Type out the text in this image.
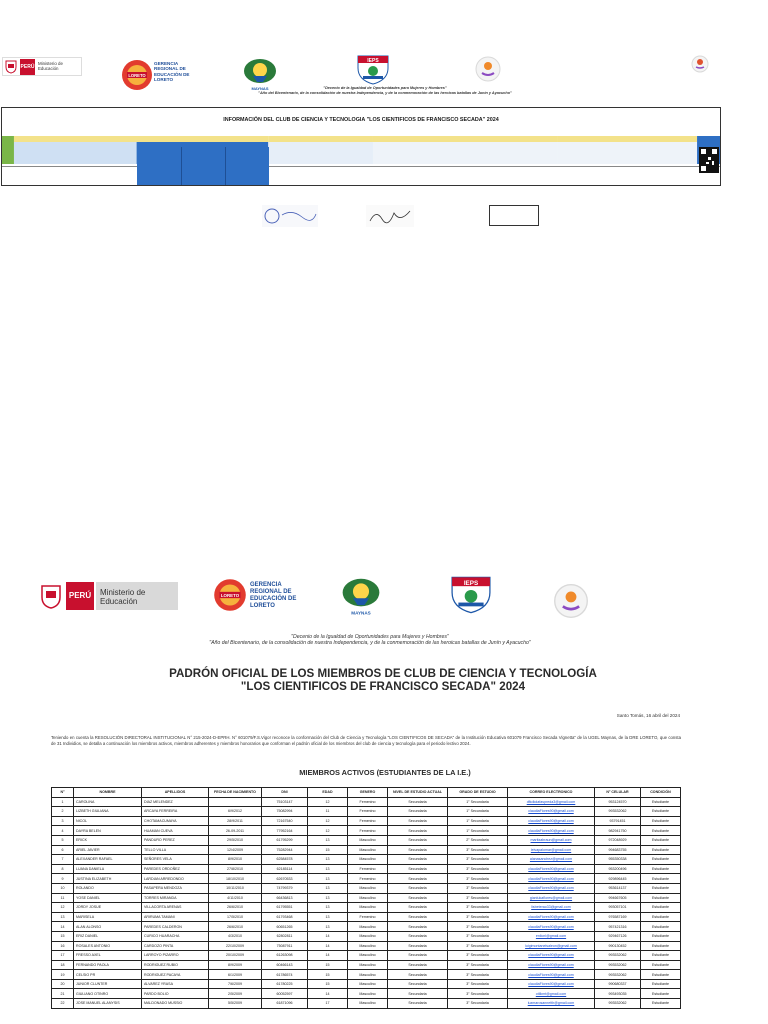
PERÚ
Ministerio de Educación
LORETO
GERENCIA REGIONAL DE EDUCACIÓN DE LORETO
MAYNAS
IEPS
"Decenio de la Igualdad de Oportunidades para Mujeres y Hombres"
"Año del Bicentenario, de la consolidación de nuestra Independencia, y de la conmemoración de las heroicas batallas de Junín y Ayacucho"
INFORMACIÓN DEL CLUB DE CIENCIA Y TECNOLOGIA "LOS CIENTIFICOS DE FRANCISCO SECADA" 2024
PERÚ	Ministerio de Educación
LORETO
GERENCIA REGIONAL DE EDUCACIÓN DE LORETO
MAYNAS
IEPS
"Decenio de la Igualdad de Oportunidades para Mujeres y Hombres"
"Año del Bicentenario, de la consolidación de nuestra Independencia, y de la conmemoración de las heroicas batallas de Junín y Ayacucho"
PADRÓN OFICIAL DE LOS MIEMBROS DE CLUB DE CIENCIA Y TECNOLOGÍA
"LOS CIENTIFICOS DE FRANCISCO SECADA" 2024
Santo Tomás, 16 abril del 2024
Teniendo en cuenta la RESOLUCIÓN DIRECTORAL INSTITUCIONAL N° 215-2024-D-EPRH. N° 601079/F.S.Vigor reconoce la conformación del Club de Ciencia y Tecnología "LOS CIENTIFICOS DE SECADA" de la Institución Educativa 601079 Francisco Secada Vignetta" de la UGEL Maynas, de la DRE LORETO, que consta de 31 Individios, se detalla a continuación los miembros activos, miembros adherentes y miembros honorarios que conforman el padrón oficial de los miembros del club de ciencia y tecnología para el periodo lectivo 2024.
MIEMBROS ACTIVOS (ESTUDIANTES DE LA I.E.)
N°	NOMBRE	APELLIDOS	FECHA DE NACIMIENTO	DNI	EDAD	GENERO	NIVEL DE ESTUDIO ACTUAL	GRADO DE ESTUDIO	CORREO ELECTRONICO	N° CELULAR	CONDICIÓN
1	CAROLINA	DIAZ MELENDEZ		75103147	12	Femenino	Secundaria	1° Secundaria	dfkdkdafaspreda3@gmail.com	953124570	Estudiante
2	LIZBETH GIULIANA	ARCAYA FERREIRA	6/9/2012	75082994	11	Femenino	Secundaria	1° Secundaria	claudiaFlores90@gmail.com	993532062	Estudiante
3	NICOL	CHOTAMACUMAYA	28/9/2011	72167540	12	Femenino	Secundaria	1° Secundaria	claudiaFlores90@gmail.com	93791451	Estudiante
4	DAYRA BELEN	HUAMAN CUEVA	26-09-2011	77952164	12	Femenino	Secundaria	1° Secundaria	claudiaFlores90@gmail.com	982941750	Estudiante
5	ERICK	PANDURO PEREZ	29/5/2010	61795299	13	Masculino	Secundaria	2° Secundaria	maritzabraun@gmail.com	972048929	Estudiante
6	ARIEL JAVIER	TELLO VILLA	12/4/2009	75282944	15	Masculino	Secundaria	3° Secundaria	leivapalomar@gmail.com	994683755	Estudiante
7	ALEXANDER RAFAEL	SEÑORES VELA	8/9/2010	62584578	13	Masculino	Secundaria	3° Secundaria	alanasanchez@gmail.com	955350338	Estudiante
8	LUANA DANIELA	PAREDES ORDOÑEZ	27/8/2010	62185114	13	Femenino	Secundaria	3° Secundaria	claudiaFlores90@gmail.com	953200496	Estudiante
9	JUSTINA ELIZABETH	LARDIAN ARREDONDO	18/10/2010	62670533	13	Femenino	Secundaria	3° Secundaria	claudiaFlores90@gmail.com	929896445	Estudiante
10	ROLANDO	PASAPERA MENDOZA	10/11/2010	74799379	13	Masculino	Secundaria	3° Secundaria	claudiaFlores90@gmail.com	953614137	Estudiante
11	YOSE DANIEL	TORRES MIRANDA	4/11/2010	66436813	13	Masculino	Secundaria	3° Secundaria	gianlukaflores@gmail.com	994667605	Estudiante
12	JORDY JOSUE	VILLACORTA ARENAS	26/6/2010	61795551	13	Masculino	Secundaria	3° Secundaria	lisbeterao33@gmail.com	993057101	Estudiante
13	MARISELA	ARIRUMA TAMANI	17/5/2010	61793468	13	Femenino	Secundaria	3° Secundaria	claudiaFlores90@gmail.com	976587169	Estudiante
14	ALAN ALONSO	PAREDES CALDERON	26/6/2010	60651265	13	Masculino	Secundaria	3° Secundaria	claudiaFlores90@gmail.com	957421316	Estudiante
15	ERIZ DANIEL	CURICO HUARACHA	4/3/2010	62802811	14	Masculino	Secundaria	3° Secundaria	enlicnl@gmail.com	929467126	Estudiante
16	ROSALES ANTONIO	CARDOZO PINTA	22/10/2009	75087911	14	Masculino	Secundaria	3° Secundaria	luigimontanelsaleon@gmail.com	990130452	Estudiante
17	FRESSO AXEL	LARROYO PIZARRO	20/10/2009	61263098	14	Masculino	Secundaria	3° Secundaria	claudiaFlores90@gmail.com	993532062	Estudiante
18	FERNANDO PAOLA	RODRIGUEZ RUBIO	8/9/2009	60466143	15	Masculino	Secundaria	3° Secundaria	claudiaFlores90@gmail.com	993532062	Estudiante
19	CELSIO PR	RODRIGUEZ PACAYA	6/1/2009	61786574	15	Masculino	Secundaria	3° Secundaria	claudiaFlores90@gmail.com	993532062	Estudiante
20	JUNIOR CLUNTER	ALVAREZ YRASA	7/6/2009	61780225	15	Masculino	Secundaria	3° Secundaria	claudiaFlores90@gmail.com	990680337	Estudiante
21	GIULIANO OTINRO	PARDO BOLIO	2/5/2009	60052597	14	Masculino	Secundaria	3° Secundaria	otilkmt@gmail.com	993493035	Estudiante
22	JOSE MANUEL ALANYSIS	MALDONADO MUSSIO	5/5/2009	61871096	17	Masculino	Secundaria	3° Secundaria	luzmarosannetth@gmail.com	993532062	Estudiante
